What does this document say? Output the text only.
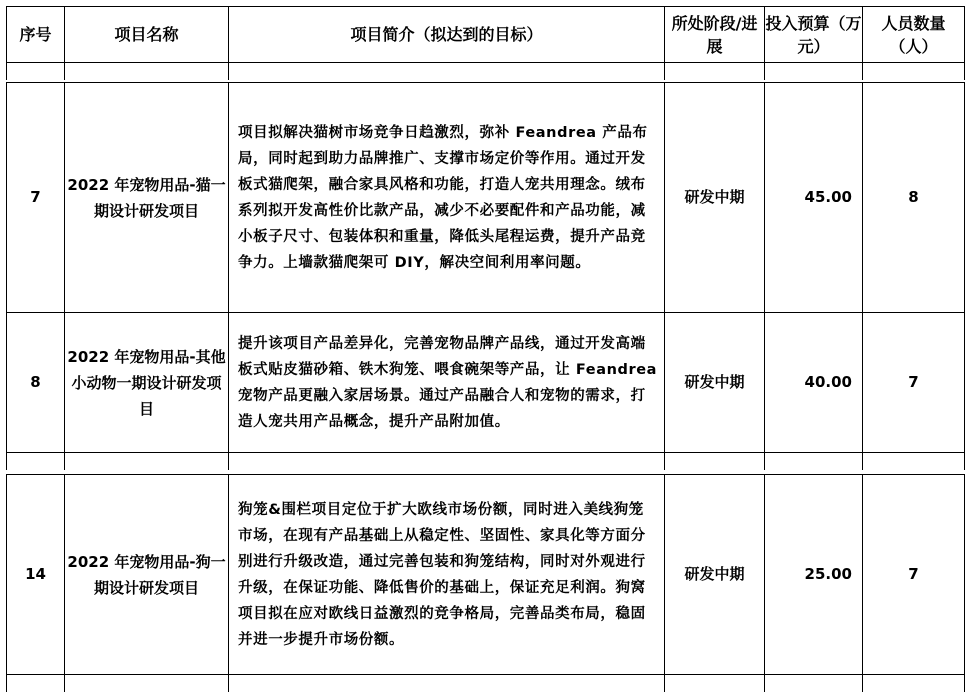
序号	项目名称	项目简介（拟达到的目标）	所处阶段/进展	投入预算（万元）	人员数量（人）

7	2022 年宠物用品-猫一期设计研发项目	项目拟解决猫树市场竞争日趋激烈，弥补 Feandrea 产品布局，同时起到助力品牌推广、支撑市场定价等作用。通过开发板式猫爬架，融合家具风格和功能，打造人宠共用理念。绒布系列拟开发高性价比款产品，减少不必要配件和产品功能，减小板子尺寸、包装体积和重量，降低头尾程运费，提升产品竞争力。上墙款猫爬架可 DIY，解决空间利用率问题。	研发中期	45.00	8
8	2022 年宠物用品-其他小动物一期设计研发项目	提升该项目产品差异化，完善宠物品牌产品线，通过开发高端板式贴皮猫砂箱、铁木狗笼、喂食碗架等产品，让 Feandrea 宠物产品更融入家居场景。通过产品融合人和宠物的需求，打造人宠共用产品概念，提升产品附加值。	研发中期	40.00	7

14	2022 年宠物用品-狗一期设计研发项目	狗笼&围栏项目定位于扩大欧线市场份额，同时进入美线狗笼市场，在现有产品基础上从稳定性、坚固性、家具化等方面分别进行升级改造，通过完善包装和狗笼结构，同时对外观进行升级，在保证功能、降低售价的基础上，保证充足利润。狗窝项目拟在应对欧线日益激烈的竞争格局，完善品类布局，稳固并进一步提升市场份额。	研发中期	25.00	7
